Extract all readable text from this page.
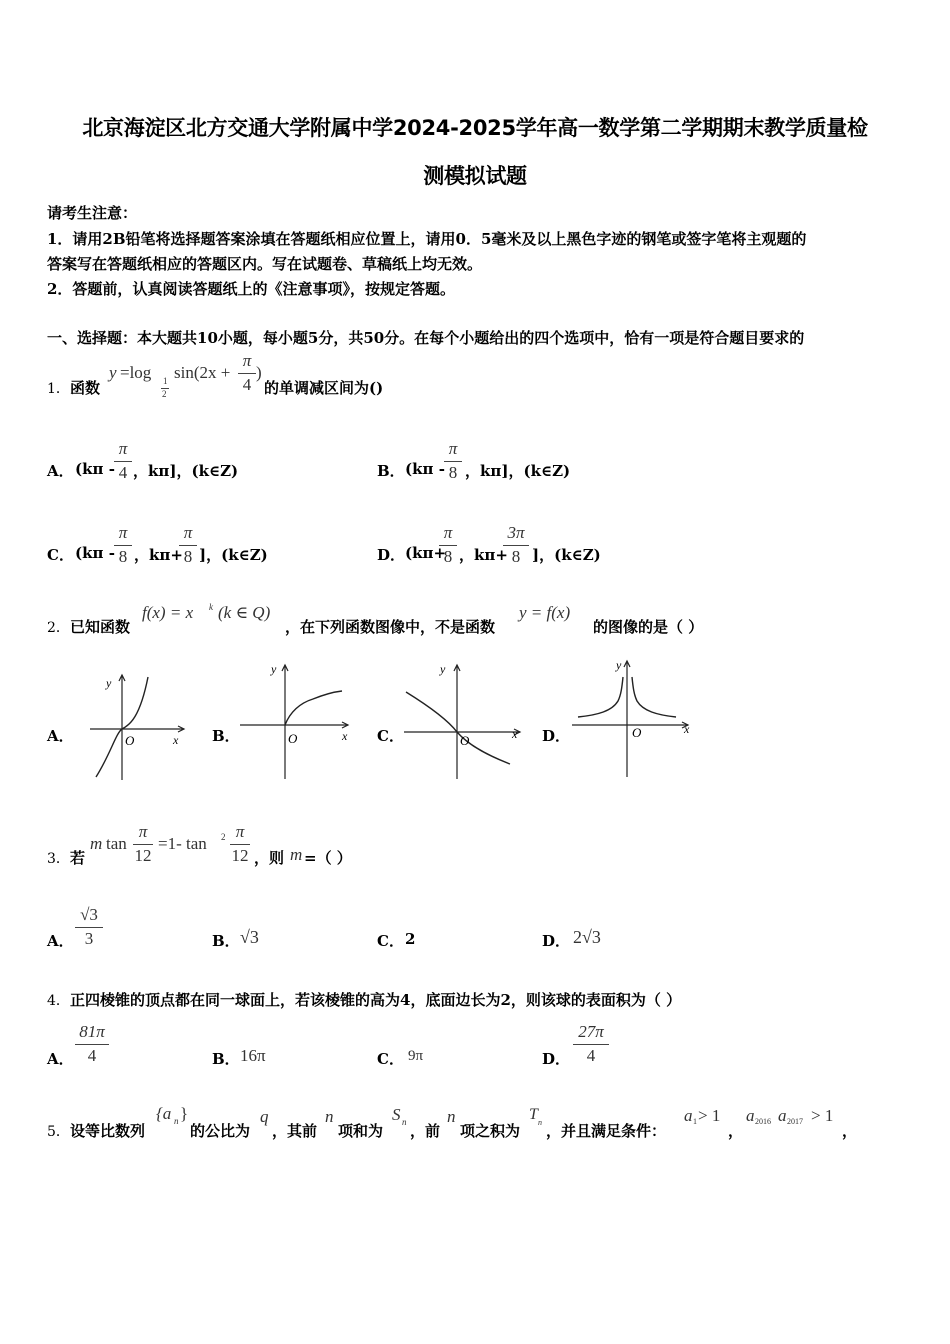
北京海淀区北方交通大学附属中学2024-2025学年高一数学第二学期期末教学质量检
测模拟试题
请考生注意：
1．请用2B铅笔将选择题答案涂填在答题纸相应位置上，请用0．5毫米及以上黑色字迹的钢笔或签字笔将主观题的
答案写在答题纸相应的答题区内。写在试题卷、草稿纸上均无效。
2．答题前，认真阅读答题纸上的《注意事项》，按规定答题。
一、选择题：本大题共10小题，每小题5分，共50分。在每个小题给出的四个选项中，恰有一项是符合题目要求的
1． 函数
y =log 1
2
sin(2x +
π
4
)
的单调减区间为()
A． (kπ -
π
4 ，kπ]，(k∈Z)	B． (kπ -
π
8 ，kπ]，(k∈Z)
C． (kπ -
π
8 ，kπ+
π
8 ]，(k∈Z)	D． (kπ+
π
8 ，kπ+
3π
8 ]，(k∈Z)
2． 已知函数
f(x) = x k (k ∈ Q)
，在下列函数图像中，不是函数
y = f(x)
的图像的是（ ）
A．
y
x
O	B．
y
x
O	C．
y
x
O	D．
y
x
O
3． 若
m tan
π
12
=1- tan 2 π
12 ，则 m =（ ）
A．
√3
3	B． √3	C． 2	D． 2√3
4． 正四棱锥的顶点都在同一球面上，若该棱锥的高为4，底面边长为2，则该球的表面积为（ ）
A．
81π
4	B． 16π	C． 9π	D．
27π
4
5． 设等比数列
{a n }
的公比为
q
，其前
n
项和为
S n ，前
n
项之积为
T n ，并且满足条件：
a 1 > 1
，
a 2016 a 2017 > 1
，
